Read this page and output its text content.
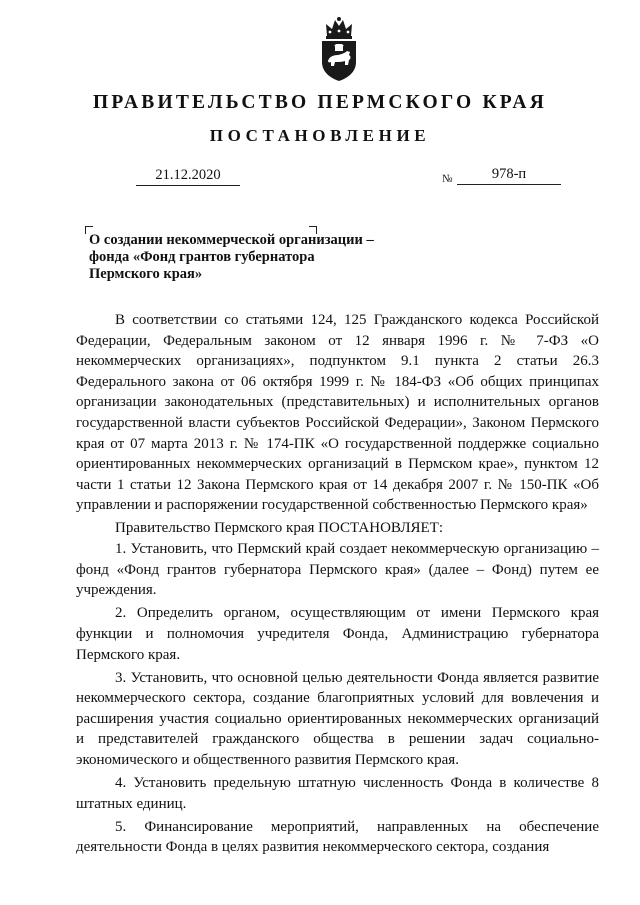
ПРАВИТЕЛЬСТВО ПЕРМСКОГО КРАЯ
ПОСТАНОВЛЕНИЕ
21.12.2020	№	978-п
О создании некоммерческой организации –
фонда «Фонд грантов губернатора
Пермского края»

В соответствии со статьями 124, 125 Гражданского кодекса Российской Федерации, Федеральным законом от 12 января 1996 г. № 7-ФЗ «О некоммерческих организациях», подпунктом 9.1 пункта 2 статьи 26.3 Федерального закона от 06 октября 1999 г. № 184-ФЗ «Об общих принципах организации законодательных (представительных) и исполнительных органов государственной власти субъектов Российской Федерации», Законом Пермского края от 07 марта 2013 г. № 174-ПК «О государственной поддержке социально ориентированных некоммерческих организаций в Пермском крае», пунктом 12 части 1 статьи 12 Закона Пермского края от 14 декабря 2007 г. № 150-ПК «Об управлении и распоряжении государственной собственностью Пермского края»

Правительство Пермского края ПОСТАНОВЛЯЕТ:

1. Установить, что Пермский край создает некоммерческую организацию – фонд «Фонд грантов губернатора Пермского края» (далее – Фонд) путем ее учреждения.

2. Определить органом, осуществляющим от имени Пермского края функции и полномочия учредителя Фонда, Администрацию губернатора Пермского края.

3. Установить, что основной целью деятельности Фонда является развитие некоммерческого сектора, создание благоприятных условий для вовлечения и расширения участия социально ориентированных некоммерческих организаций и представителей гражданского общества в решении задач социально-экономического и общественного развития Пермского края.

4. Установить предельную штатную численность Фонда в количестве 8 штатных единиц.

5. Финансирование мероприятий, направленных на обеспечение деятельности Фонда в целях развития некоммерческого сектора, создания
